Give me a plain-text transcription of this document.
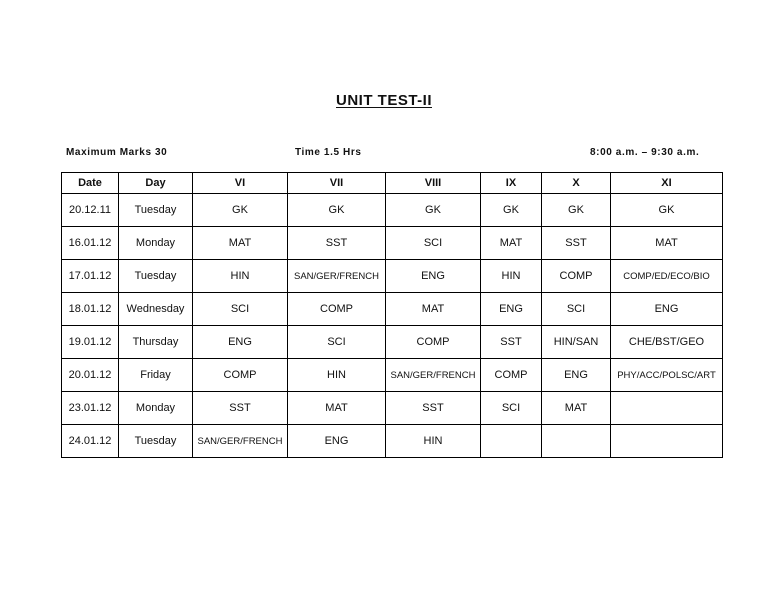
UNIT TEST-II
Maximum Marks 30	Time 1.5 Hrs	8:00 a.m. – 9:30 a.m.
Date	Day	VI	VII	VIII	IX	X	XI
20.12.11	Tuesday	GK	GK	GK	GK	GK	GK
16.01.12	Monday	MAT	SST	SCI	MAT	SST	MAT
17.01.12	Tuesday	HIN	SAN/GER/FRENCH	ENG	HIN	COMP	COMP/ED/ECO/BIO
18.01.12	Wednesday	SCI	COMP	MAT	ENG	SCI	ENG
19.01.12	Thursday	ENG	SCI	COMP	SST	HIN/SAN	CHE/BST/GEO
20.01.12	Friday	COMP	HIN	SAN/GER/FRENCH	COMP	ENG	PHY/ACC/POLSC/ART
23.01.12	Monday	SST	MAT	SST	SCI	MAT	
24.01.12	Tuesday	SAN/GER/FRENCH	ENG	HIN			
